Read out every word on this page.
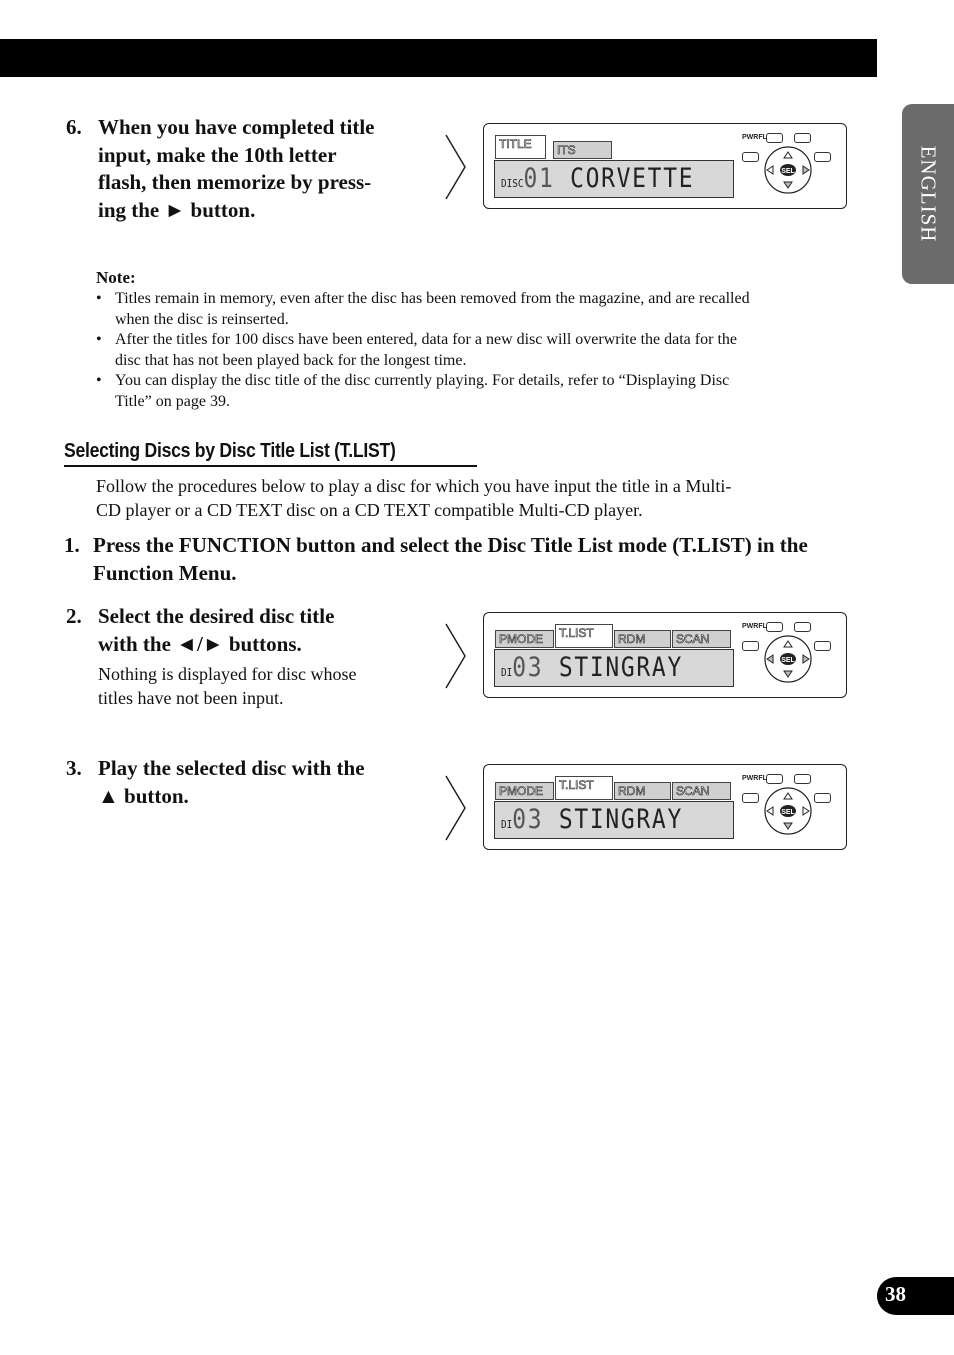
ENGLISH
6. When you have completed title
input, make the 10th letter
flash, then memorize by press-
ing the ► button.
Note:
• Titles remain in memory, even after the disc has been removed from the magazine, and are recalled
when the disc is reinserted.
• After the titles for 100 discs have been entered, data for a new disc will overwrite the data for the
disc that has not been played back for the longest time.
• You can display the disc title of the disc currently playing. For details, refer to “Displaying Disc
Title” on page 39.
Selecting Discs by Disc Title List (T.LIST)
Follow the procedures below to play a disc for which you have input the title in a Multi-
CD player or a CD TEXT disc on a CD TEXT compatible Multi-CD player.
1. Press the FUNCTION button and select the Disc Title List mode (T.LIST) in the
Function Menu.
2. Select the desired disc title
with the ◄/► buttons.
Nothing is displayed for disc whose
titles have not been input.
3. Play the selected disc with the
▲ button.
TITLE	ITS
DISC01 CORVETTE
PWRFL
SEL
PMODE	T.LIST	RDM	SCAN
DI03 STINGRAY
PWRFL
SEL
PMODE	T.LIST	RDM	SCAN
DI03 STINGRAY
PWRFL
SEL
38
